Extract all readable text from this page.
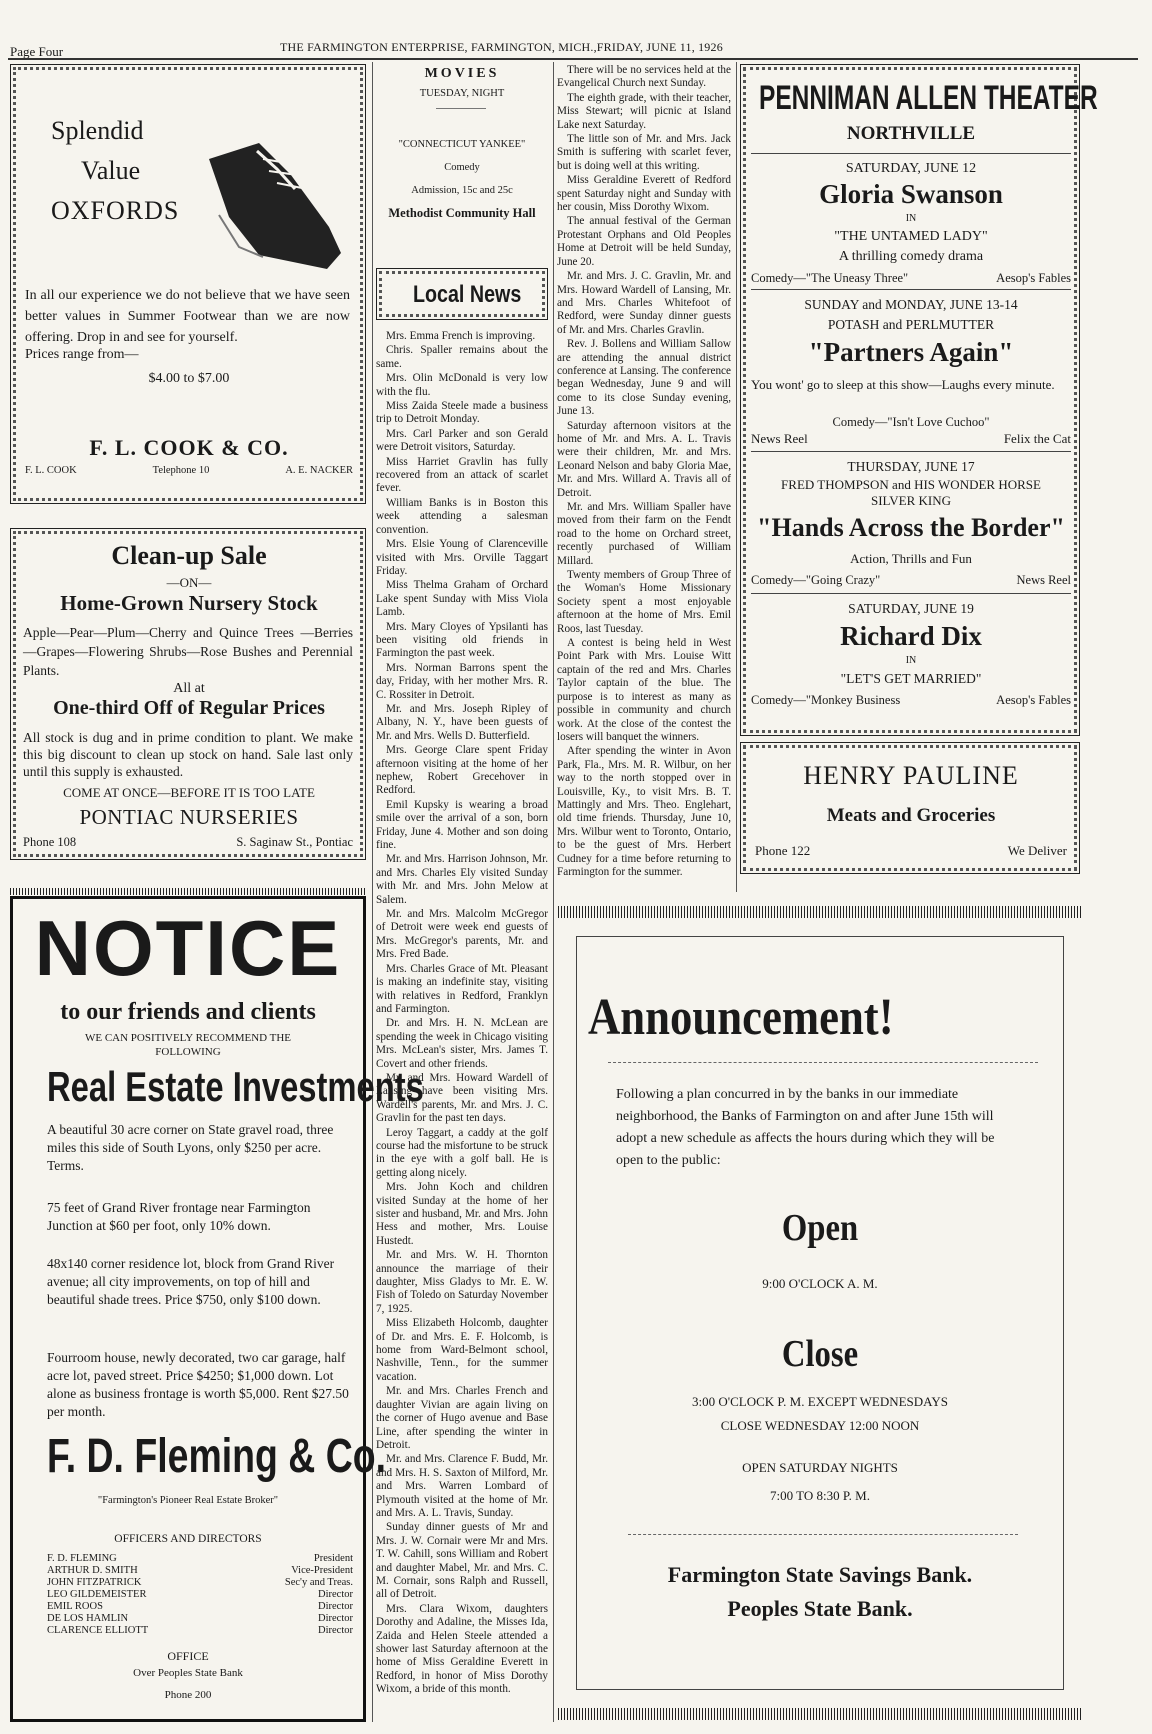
Page Four	THE FARMINGTON ENTERPRISE, FARMINGTON, MICH.,FRIDAY, JUNE 11, 1926
Splendid
Value
OXFORDS
In all our experience we do not believe that we have seen better values in Summer Footwear than we are now offering. Drop in and see for yourself.
Prices range from—
$4.00 to $7.00
F. L. COOK & CO.
F. L. COOK	Telephone 10	A. E. NACKER
Clean-up Sale
—ON—
Home-Grown Nursery Stock
Apple—Pear—Plum—Cherry and Quince Trees —Berries—Grapes—Flowering Shrubs—Rose Bushes and Perennial Plants.
All at
One-third Off of Regular Prices
All stock is dug and in prime condition to plant. We make this big discount to clean up stock on hand. Sale last only until this supply is exhausted.
COME AT ONCE—BEFORE IT IS TOO LATE
PONTIAC NURSERIES
Phone 108	S. Saginaw St., Pontiac
NOTICE
to our friends and clients
WE CAN POSITIVELY RECOMMEND THE FOLLOWING
Real Estate Investments
A beautiful 30 acre corner on State gravel road, three miles this side of South Lyons, only $250 per acre. Terms.
75 feet of Grand River frontage near Farmington Junction at $60 per foot, only 10% down.
48x140 corner residence lot, block from Grand River avenue; all city improvements, on top of hill and beautiful shade trees. Price $750, only $100 down.
Fourroom house, newly decorated, two car garage, half acre lot, paved street. Price $4250; $1,000 down. Lot alone as business frontage is worth $5,000. Rent $27.50 per month.
F. D. Fleming & Co.
"Farmington's Pioneer Real Estate Broker"
OFFICERS AND DIRECTORS
F. D. FLEMING	President
ARTHUR D. SMITH	Vice-President
JOHN FITZPATRICK	Sec'y and Treas.
LEO GILDEMEISTER	Director
EMIL ROOS	Director
DE LOS HAMLIN	Director
CLARENCE ELLIOTT	Director
OFFICE
Over Peoples State Bank
Phone 200
MOVIES
TUESDAY, NIGHT
"CONNECTICUT YANKEE"
Comedy
Admission, 15c and 25c
Methodist Community Hall
Local News

Mrs. Emma French is improving.

Chris. Spaller remains about the same.

Mrs. Olin McDonald is very low with the flu.

Miss Zaida Steele made a business trip to Detroit Monday.

Mrs. Carl Parker and son Gerald were Detroit visitors, Saturday.

Miss Harriet Gravlin has fully recovered from an attack of scarlet fever.

William Banks is in Boston this week attending a salesman convention.

Mrs. Elsie Young of Clarenceville visited with Mrs. Orville Taggart Friday.

Miss Thelma Graham of Orchard Lake spent Sunday with Miss Viola Lamb.

Mrs. Mary Cloyes of Ypsilanti has been visiting old friends in Farmington the past week.

Mrs. Norman Barrons spent the day, Friday, with her mother Mrs. R. C. Rossiter in Detroit.

Mr. and Mrs. Joseph Ripley of Albany, N. Y., have been guests of Mr. and Mrs. Wells D. Butterfield.

Mrs. George Clare spent Friday afternoon visiting at the home of her nephew, Robert Grecehover in Redford.

Emil Kupsky is wearing a broad smile over the arrival of a son, born Friday, June 4. Mother and son doing fine.

Mr. and Mrs. Harrison Johnson, Mr. and Mrs. Charles Ely visited Sunday with Mr. and Mrs. John Melow at Salem.

Mr. and Mrs. Malcolm McGregor of Detroit were week end guests of Mrs. McGregor's parents, Mr. and Mrs. Fred Bade.

Mrs. Charles Grace of Mt. Pleasant is making an indefinite stay, visiting with relatives in Redford, Franklyn and Farmington.

Dr. and Mrs. H. N. McLean are spending the week in Chicago visiting Mrs. McLean's sister, Mrs. James T. Covert and other friends.

Mr. and Mrs. Howard Wardell of Lansing have been visiting Mrs. Wardell's parents, Mr. and Mrs. J. C. Gravlin for the past ten days.

Leroy Taggart, a caddy at the golf course had the misfortune to be struck in the eye with a golf ball. He is getting along nicely.

Mrs. John Koch and children visited Sunday at the home of her sister and husband, Mr. and Mrs. John Hess and mother, Mrs. Louise Hustedt.

Mr. and Mrs. W. H. Thornton announce the marriage of their daughter, Miss Gladys to Mr. E. W. Fish of Toledo on Saturday November 7, 1925.

Miss Elizabeth Holcomb, daughter of Dr. and Mrs. E. F. Holcomb, is home from Ward-Belmont school, Nashville, Tenn., for the summer vacation.

Mr. and Mrs. Charles French and daughter Vivian are again living on the corner of Hugo avenue and Base Line, after spending the winter in Detroit.

Mr. and Mrs. Clarence F. Budd, Mr. and Mrs. H. S. Saxton of Milford, Mr. and Mrs. Warren Lombard of Plymouth visited at the home of Mr. and Mrs. A. L. Travis, Sunday.

Sunday dinner guests of Mr and Mrs. J. W. Cornair were Mr and Mrs. T. W. Cahill, sons William and Robert and daughter Mabel, Mr. and Mrs. C. M. Cornair, sons Ralph and Russell, all of Detroit.

Mrs. Clara Wixom, daughters Dorothy and Adaline, the Misses Ida, Zaida and Helen Steele attended a shower last Saturday afternoon at the home of Miss Geraldine Everett in Redford, in honor of Miss Dorothy Wixom, a bride of this month.

There will be no services held at the Evangelical Church next Sunday.

The eighth grade, with their teacher, Miss Stewart; will picnic at Island Lake next Saturday.

The little son of Mr. and Mrs. Jack Smith is suffering with scarlet fever, but is doing well at this writing.

Miss Geraldine Everett of Redford spent Saturday night and Sunday with her cousin, Miss Dorothy Wixom.

The annual festival of the German Protestant Orphans and Old Peoples Home at Detroit will be held Sunday, June 20.

Mr. and Mrs. J. C. Gravlin, Mr. and Mrs. Howard Wardell of Lansing, Mr. and Mrs. Charles Whitefoot of Redford, were Sunday dinner guests of Mr. and Mrs. Charles Gravlin.

Rev. J. Bollens and William Sallow are attending the annual district conference at Lansing. The conference began Wednesday, June 9 and will come to its close Sunday evening, June 13.

Saturday afternoon visitors at the home of Mr. and Mrs. A. L. Travis were their children, Mr. and Mrs. Leonard Nelson and baby Gloria Mae, Mr. and Mrs. Willard A. Travis all of Detroit.

Mr. and Mrs. William Spaller have moved from their farm on the Fendt road to the home on Orchard street, recently purchased of William Millard.

Twenty members of Group Three of the Woman's Home Missionary Society spent a most enjoyable afternoon at the home of Mrs. Emil Roos, last Tuesday.

A contest is being held in West Point Park with Mrs. Louise Witt captain of the red and Mrs. Charles Taylor captain of the blue. The purpose is to interest as many as possible in community and church work. At the close of the contest the losers will banquet the winners.

After spending the winter in Avon Park, Fla., Mrs. M. R. Wilbur, on her way to the north stopped over in Louisville, Ky., to visit Mrs. B. T. Mattingly and Mrs. Theo. Englehart, old time friends. Thursday, June 10, Mrs. Wilbur went to Toronto, Ontario, to be the guest of Mrs. Herbert Cudney for a time before returning to Farmington for the summer.

PENNIMAN ALLEN THEATER
NORTHVILLE
SATURDAY, JUNE 12
Gloria Swanson
IN
"THE UNTAMED LADY"
A thrilling comedy drama
Comedy—"The Uneasy Three"	Aesop's Fables
SUNDAY and MONDAY, JUNE 13-14
POTASH and PERLMUTTER
"Partners Again"
You wont' go to sleep at this show—Laughs every minute.
Comedy—"Isn't Love Cuchoo"
News Reel	Felix the Cat
THURSDAY, JUNE 17
FRED THOMPSON and HIS WONDER HORSE SILVER KING
"Hands Across the Border"
Action, Thrills and Fun
Comedy—"Going Crazy"	News Reel
SATURDAY, JUNE 19
Richard Dix
IN
"LET'S GET MARRIED"
Comedy—"Monkey Business	Aesop's Fables
HENRY PAULINE
Meats and Groceries
Phone 122	We Deliver
Announcement!
Following a plan concurred in by the banks in our immediate neighborhood, the Banks of Farmington on and after June 15th will adopt a new schedule as affects the hours during which they will be open to the public:
Open
9:00 O'CLOCK A. M.
Close
3:00 O'CLOCK P. M. EXCEPT WEDNESDAYS
CLOSE WEDNESDAY 12:00 NOON
OPEN SATURDAY NIGHTS
7:00 TO 8:30 P. M.
Farmington State Savings Bank.
Peoples State Bank.
